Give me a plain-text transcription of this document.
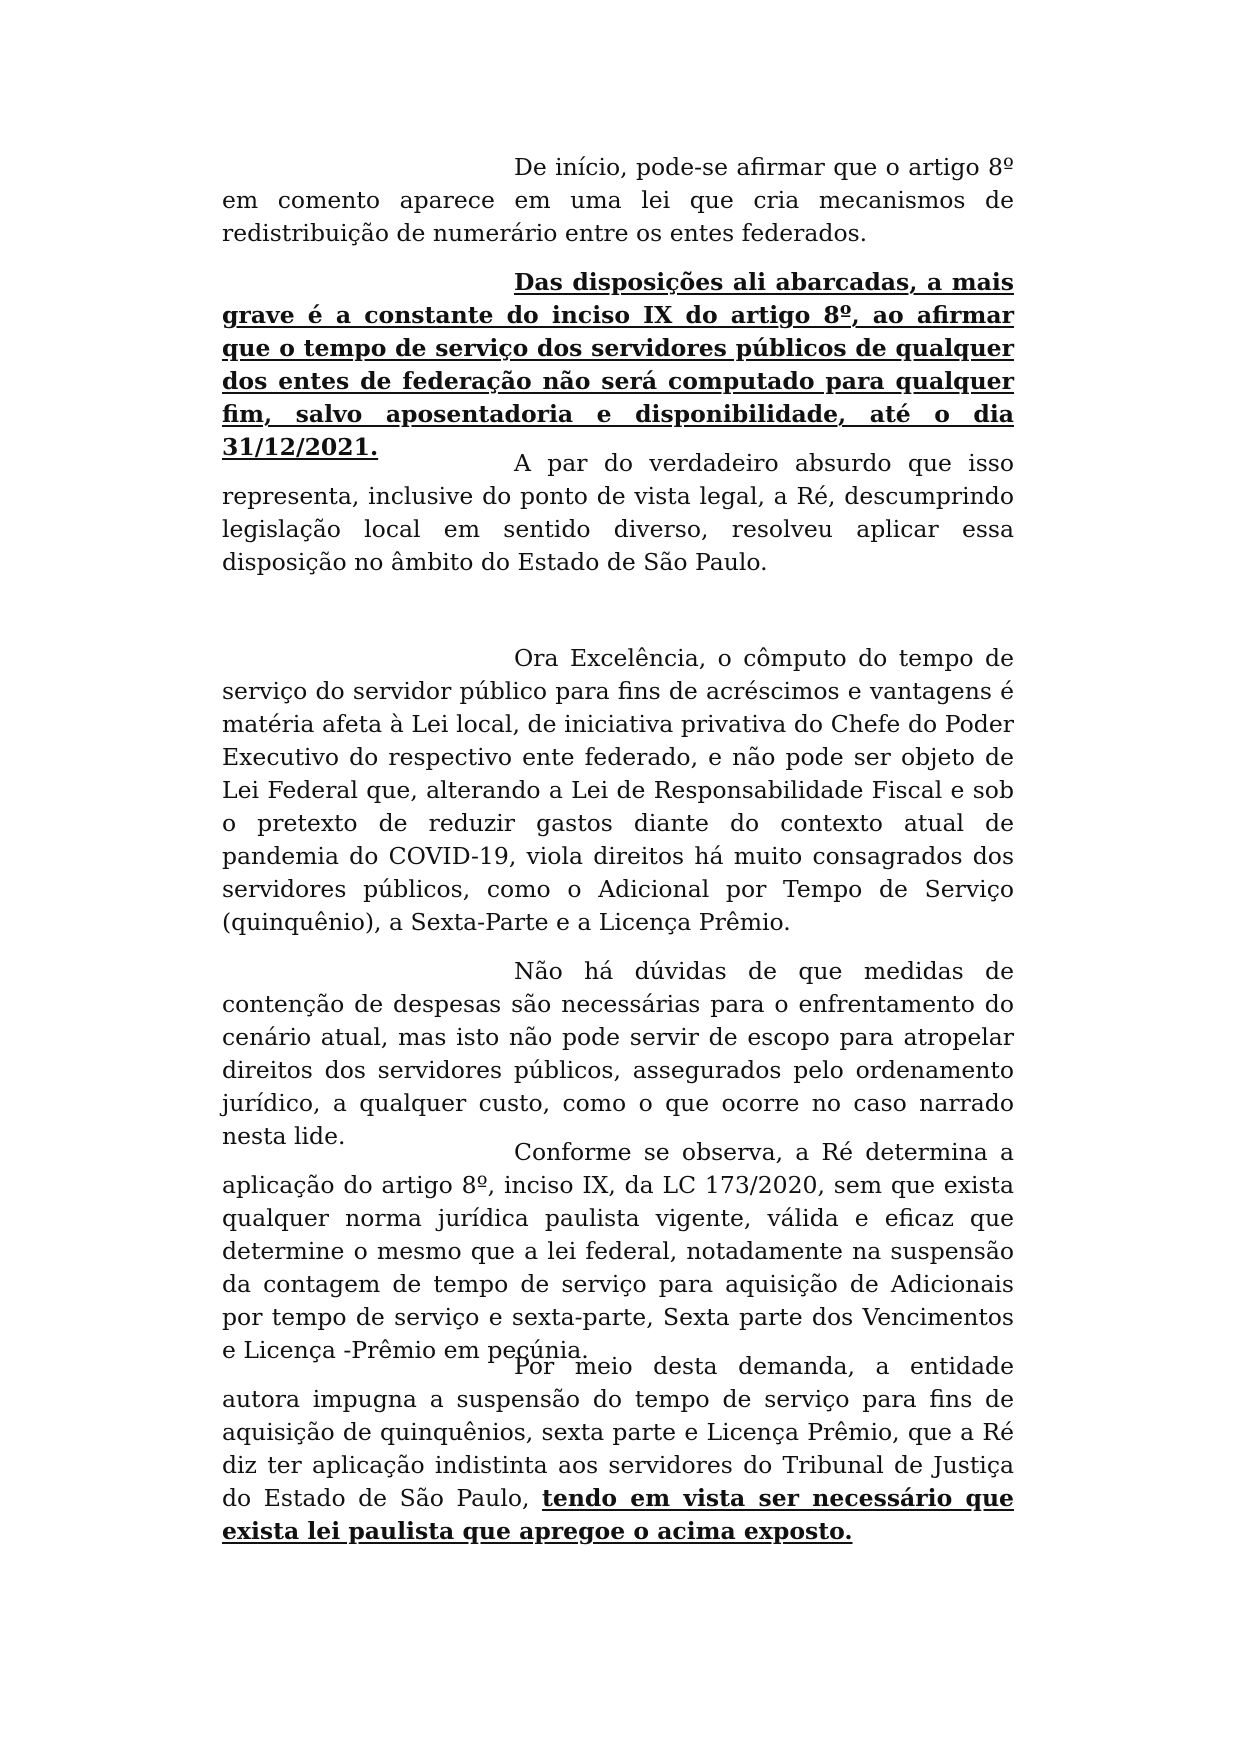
De início, pode-se afirmar que o artigo 8º em comento aparece em uma lei que cria mecanismos de redistribuição de numerário entre os entes federados.

Das disposições ali abarcadas, a mais grave é a constante do inciso IX do artigo 8º, ao afirmar que o tempo de serviço dos servidores públicos de qualquer dos entes de federação não será computado para qualquer fim, salvo aposentadoria e disponibilidade, até o dia 31/12/2021.

A par do verdadeiro absurdo que isso representa, inclusive do ponto de vista legal, a Ré, descumprindo legislação local em sentido diverso, resolveu aplicar essa disposição no âmbito do Estado de São Paulo.

Ora Excelência, o cômputo do tempo de serviço do servidor público para fins de acréscimos e vantagens é matéria afeta à Lei local, de iniciativa privativa do Chefe do Poder Executivo do respectivo ente federado, e não pode ser objeto de Lei Federal que, alterando a Lei de Responsabilidade Fiscal e sob o pretexto de reduzir gastos diante do contexto atual de pandemia do COVID-19, viola direitos há muito consagrados dos servidores públicos, como o Adicional por Tempo de Serviço (quinquênio), a Sexta-Parte e a Licença Prêmio.

Não há dúvidas de que medidas de contenção de despesas são necessárias para o enfrentamento do cenário atual, mas isto não pode servir de escopo para atropelar direitos dos servidores públicos, assegurados pelo ordenamento jurídico, a qualquer custo, como o que ocorre no caso narrado nesta lide.

Conforme se observa, a Ré determina a aplicação do artigo 8º, inciso IX, da LC 173/2020, sem que exista qualquer norma jurídica paulista vigente, válida e eficaz que determine o mesmo que a lei federal, notadamente na suspensão da contagem de tempo de serviço para aquisição de Adicionais por tempo de serviço e sexta-parte, Sexta parte dos Vencimentos e Licença -Prêmio em pecúnia.

Por meio desta demanda, a entidade autora impugna a suspensão do tempo de serviço para fins de aquisição de quinquênios, sexta parte e Licença Prêmio, que a Ré diz ter aplicação indistinta aos servidores do Tribunal de Justiça do Estado de São Paulo, tendo em vista ser necessário que exista lei paulista que apregoe o acima exposto.
